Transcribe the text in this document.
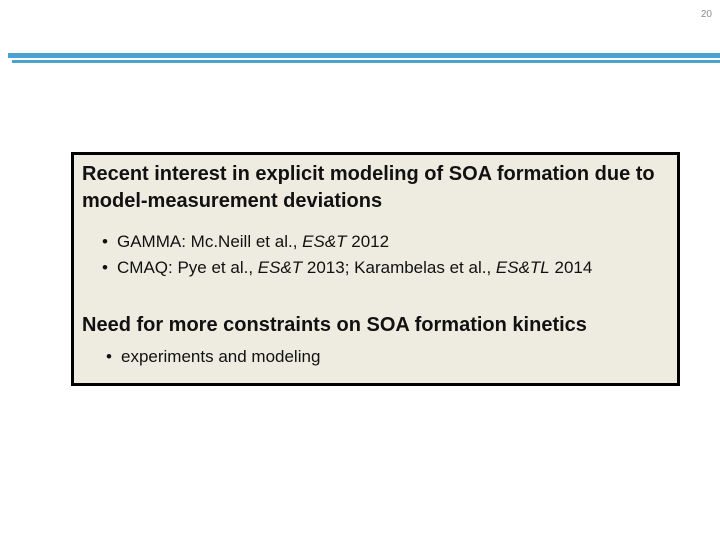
20

Recent interest in explicit modeling of SOA formation due to model-measurement deviations

• GAMMA: Mc.Neill et al., ES&T 2012
• CMAQ: Pye et al., ES&T 2013; Karambelas et al., ES&TL 2014

Need for more constraints on SOA formation kinetics

• experiments and modeling
